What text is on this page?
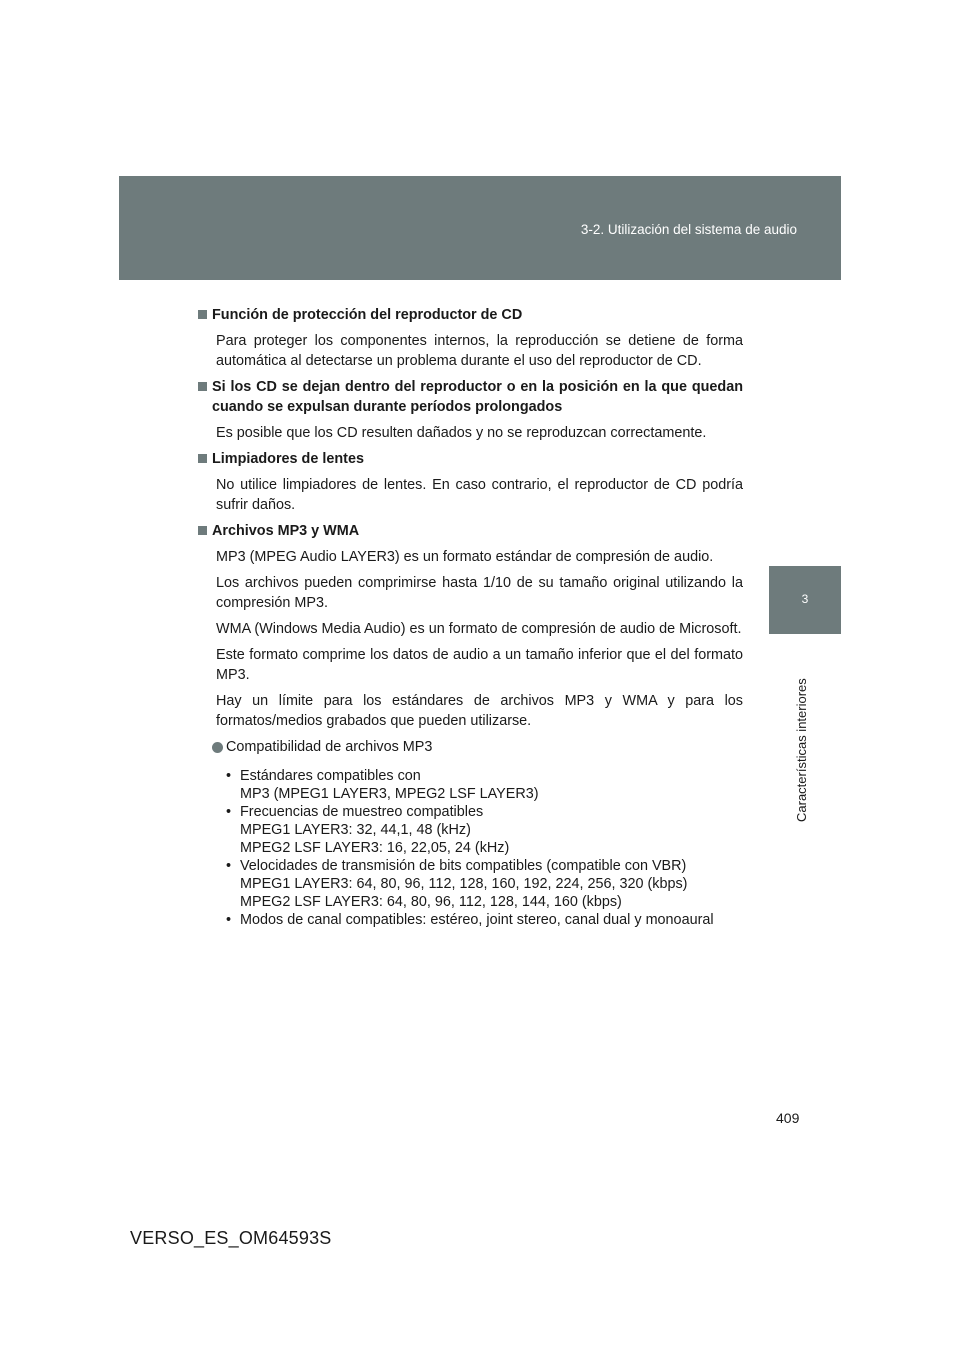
3-2. Utilización del sistema de audio
3
Características interiores
Función de protección del reproductor de CD

Para proteger los componentes internos, la reproducción se detiene de forma automática al detectarse un problema durante el uso del reproductor de CD.

Si los CD se dejan dentro del reproductor o en la posición en la que quedan cuando se expulsan durante períodos prolongados

Es posible que los CD resulten dañados y no se reproduzcan correctamente.

Limpiadores de lentes

No utilice limpiadores de lentes. En caso contrario, el reproductor de CD podría sufrir daños.

Archivos MP3 y WMA

MP3 (MPEG Audio LAYER3) es un formato estándar de compresión de audio.

Los archivos pueden comprimirse hasta 1/10 de su tamaño original utilizando la compresión MP3.

WMA (Windows Media Audio) es un formato de compresión de audio de Microsoft.

Este formato comprime los datos de audio a un tamaño inferior que el del formato MP3.

Hay un límite para los estándares de archivos MP3 y WMA y para los formatos/medios grabados que pueden utilizarse.

Compatibilidad de archivos MP3
• Estándares compatibles con
MP3 (MPEG1 LAYER3, MPEG2 LSF LAYER3)
• Frecuencias de muestreo compatibles
MPEG1 LAYER3: 32, 44,1, 48 (kHz)
MPEG2 LSF LAYER3: 16, 22,05, 24 (kHz)
• Velocidades de transmisión de bits compatibles (compatible con VBR)
MPEG1 LAYER3: 64, 80, 96, 112, 128, 160, 192, 224, 256, 320 (kbps)
MPEG2 LSF LAYER3: 64, 80, 96, 112, 128, 144, 160 (kbps)
• Modos de canal compatibles: estéreo, joint stereo, canal dual y monoaural
409
VERSO_ES_OM64593S
